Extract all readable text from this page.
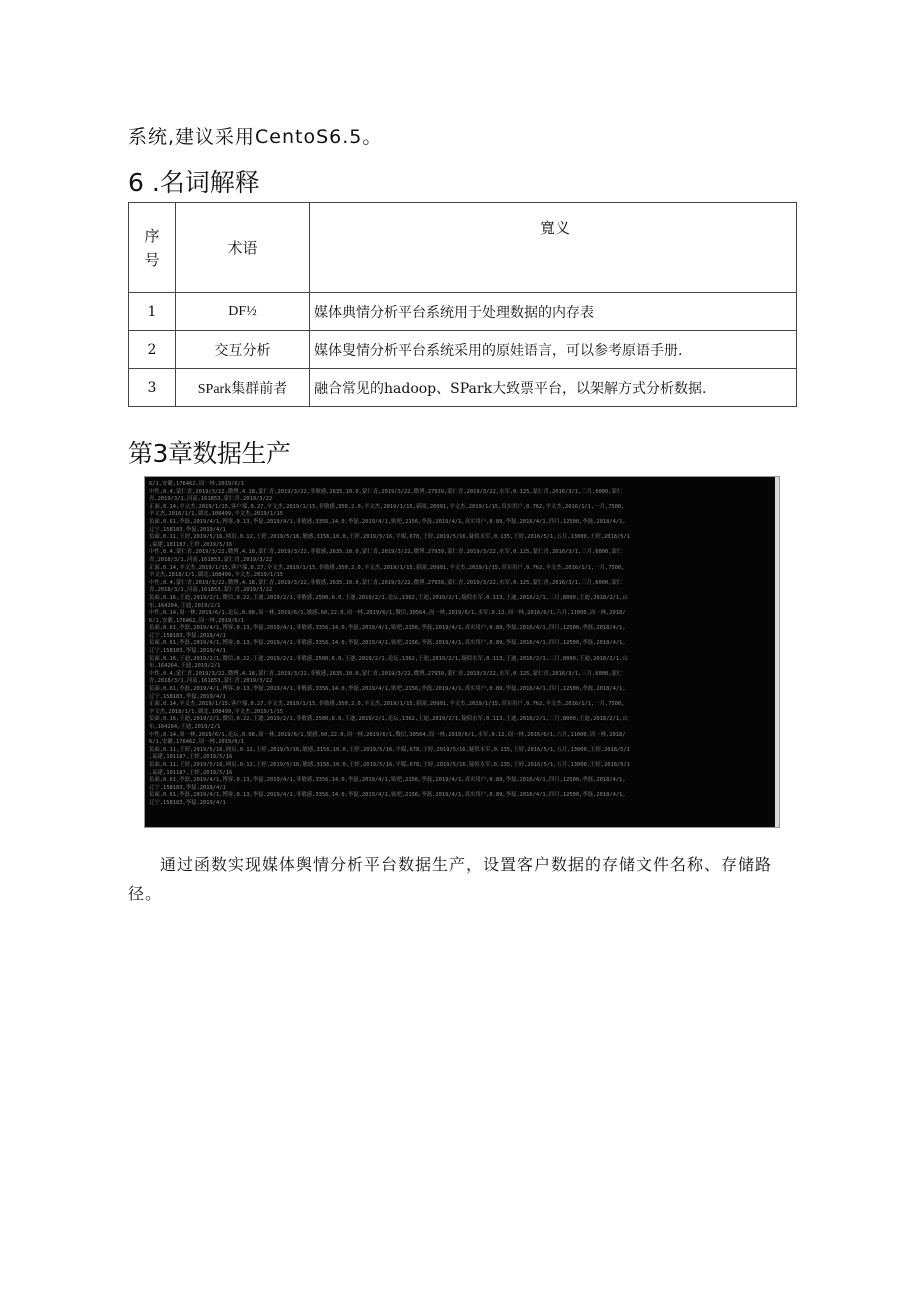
系统,建议采用CentoS6.5。
6 .名词解释
序
号	术语	寬义
1	DF½	媒体典情分析平台系统用于处理数据的内存表
2	交互分析	媒体叟情分析平台系统采用的原娃语言，可以参考原语手册.
3	SPark集群前者	融合常见的hadoop、SPark大致票平台，以架解方式分析数据.
第3章数据生产
6/1,安徽,176462,周一林,2019/6/1
中性,0.4,蒙仁青,2019/3/22,微博,4.18,蒙仁青,2019/3/22,非敏感,2635,10.0,蒙仁青,2019/3/22,微博,27939,蒙仁青,2019/3/22,水军,0.125,蒙仁青,2016/3/1,三月,6000,蒙仁
青,2019/3/1,河南,161853,蒙仁青,2019/3/22
正面,0.14,辛文杰,2019/1/15,客户端,0.27,辛文杰,2019/1/15,非敏感,350,2.0,辛文杰,2019/1/15,新闻,20991,辛文杰,2019/1/15,真实用户,0.762,辛文杰,2016/1/1,一月,7500,
辛文杰,2016/1/1,湖北,108499,辛文杰,2019/1/15
负面,0.61,李磊,2019/4/1,博客,0.13,李磊,2019/4/1,非敏感,3356,14.0,李磊,2019/4/1,贴吧,2156,李磊,2019/4/1,真实用户,0.89,李磊,2016/4/1,四月,12500,李磊,2018/4/1,
辽宁,158183,李磊,2019/4/1
负面,0.11,王婷,2019/5/16,网页,0.12,王婷,2019/5/16,敏感,3156,10.0,王婷,2019/5/16,平媒,678,王婷,2019/5/16,疑似水军,0.135,王婷,2016/5/1,五月,13000,王婷,2018/5/1
,福建,101187,王婷,2019/5/16
中性,0.4,蒙仁青,2019/3/22,微博,4.18,蒙仁青,2019/3/22,非敏感,2635,10.0,蒙仁青,2019/3/22,微博,27939,蒙仁青,2019/3/22,水军,0.125,蒙仁青,2016/3/1,三月,6000,蒙仁
青,2018/3/1,河南,161853,蒙仁青,2019/3/22
正面,0.14,辛文杰,2019/1/15,客户端,0.27,辛文杰,2019/1/15,非敏感,350,2.0,辛文杰,2019/1/15,新闻,20991,辛文杰,2019/1/15,真实用户,0.762,辛文杰,2016/1/1,一月,7500,
辛文杰,2018/1/1,湖北,108499,辛文杰,2019/1/15
中性,0.4,蒙仁青,2019/3/22,微博,4.18,蒙仁青,2019/3/22,非敏感,2635,10.0,蒙仁青,2019/3/22,微博,27939,蒙仁青,2019/3/22,水军,0.125,蒙仁青,2016/3/1,三月,6000,蒙仁
青,2018/3/1,河南,161853,蒙仁青,2019/3/22
负面,0.16,王迪,2019/2/1,微信,0.22,王迪,2019/2/1,非敏感,2500,6.0,王迪,2019/2/1,论坛,1362,王迪,2019/2/1,疑似水军,0.113,王迪,2016/2/1,二月,8000,王迪,2018/2/1,山
东,164264,王迪,2019/2/1
中性,0.14,周一林,2019/6/1,论坛,0.08,周一林,2019/6/1,敏感,60,22.0,周一林,2019/6/1,微信,30564,周一林,2019/6/1,水军,0.12,周一林,2016/6/1,六月,11000,周一林,2018/
6/1,安徽,176462,周一林,2019/6/1
负面,0.61,李磊,2019/4/1,博客,0.13,李磊,2019/4/1,非敏感,3356,14.0,李磊,2019/4/1,贴吧,2156,李磊,2019/4/1,真实用户,0.89,李磊,2016/4/1,四月,12500,李磊,2018/4/1,
辽宁,158183,李磊,2019/4/1
负面,0.61,李磊,2019/4/1,博客,0.13,李磊,2019/4/1,非敏感,3356,14.0,李磊,2019/4/1,贴吧,2156,李磊,2019/4/1,真实用户,0.89,李磊,2016/4/1,四月,12500,李磊,2018/4/1,
辽宁,158183,李磊,2019/4/1
负面,0.16,王迪,2019/2/1,微信,0.22,王迪,2019/2/1,非敏感,2500,6.0,王迪,2019/2/1,论坛,1362,王迪,2019/2/1,疑似水军,0.113,王迪,2016/2/1,二月,8000,王迪,2018/2/1,山
东,164264,王迪,2019/2/1
中性,0.4,蒙仁青,2019/3/22,微博,4.18,蒙仁青,2019/3/22,非敏感,2635,10.0,蒙仁青,2019/3/22,微博,27939,蒙仁青,2019/3/22,水军,0.125,蒙仁青,2016/3/1,三月,6000,蒙仁
青,2018/3/1,河南,161853,蒙仁青,2019/3/22
负面,0.61,李磊,2019/4/1,博客,0.13,李磊,2019/4/1,非敏感,3356,14.0,李磊,2019/4/1,贴吧,2156,李磊,2019/4/1,真实用户,0.89,李磊,2016/4/1,四月,12500,李磊,2018/4/1,
辽宁,158183,李磊,2019/4/1
正面,0.14,辛文杰,2019/1/15,客户端,0.27,辛文杰,2019/1/15,非敏感,350,2.0,辛文杰,2019/1/15,新闻,20991,辛文杰,2019/1/15,真实用户,0.762,辛文杰,2016/1/1,一月,7500,
辛文杰,2018/1/1,湖北,108499,辛文杰,2019/1/15
负面,0.16,王迪,2019/2/1,微信,0.22,王迪,2019/2/1,非敏感,2500,6.0,王迪,2019/2/1,论坛,1362,王迪,2019/2/1,疑似水军,0.113,王迪,2016/2/1,二月,8000,王迪,2018/2/1,山
东,164264,王迪,2019/2/1
中性,0.14,周一林,2019/6/1,论坛,0.08,周一林,2019/6/1,敏感,60,22.0,周一林,2019/6/1,微信,30564,周一林,2019/6/1,水军,0.12,周一林,2016/6/1,六月,11000,周一林,2018/
6/1,安徽,176462,周一林,2019/6/1
负面,0.11,王婷,2019/5/16,网页,0.12,王婷,2019/5/16,敏感,3156,10.0,王婷,2019/5/16,平媒,678,王婷,2019/5/16,疑似水军,0.135,王婷,2016/5/1,五月,13000,王婷,2018/5/1
,福建,101187,王婷,2019/5/16
负面,0.11,王婷,2019/5/16,网页,0.12,王婷,2019/5/16,敏感,3156,10.0,王婷,2019/5/16,平媒,678,王婷,2019/5/16,疑似水军,0.135,王婷,2016/5/1,五月,13000,王婷,2018/5/1
,福建,101187,王婷,2019/5/16
负面,0.61,李磊,2019/4/1,博客,0.13,李磊,2019/4/1,非敏感,3356,14.0,李磊,2019/4/1,贴吧,2156,李磊,2019/4/1,真实用户,0.89,李磊,2016/4/1,四月,12500,李磊,2018/4/1,
辽宁,158183,李磊,2019/4/1
负面,0.61,李磊,2019/4/1,博客,0.13,李磊,2019/4/1,非敏感,3356,14.0,李磊,2019/4/1,贴吧,2156,李磊,2019/4/1,真实用户,0.89,李磊,2016/4/1,四月,12500,李磊,2018/4/1,
辽宁,158183,李磊,2019/4/1

通过函数实现媒体舆情分析平台数据生产，设置客户数据的存储文件名称、存储路径。
